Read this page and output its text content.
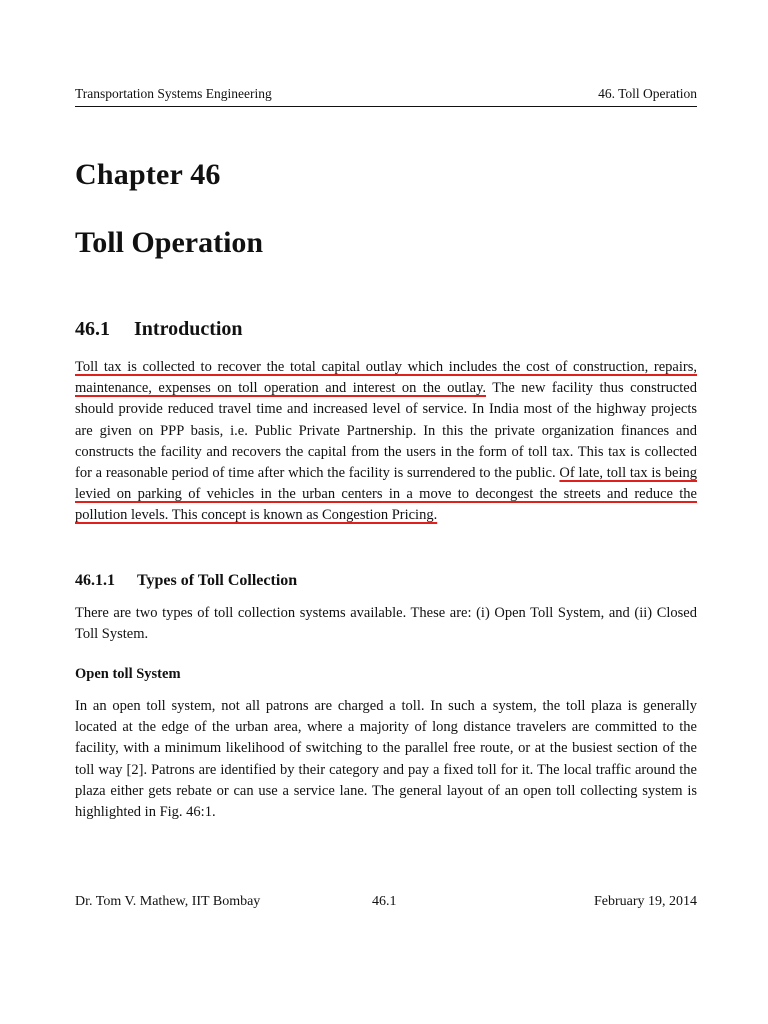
Transportation Systems Engineering	46. Toll Operation
Chapter 46
Toll Operation
46.1 Introduction
Toll tax is collected to recover the total capital outlay which includes the cost of construction, repairs, maintenance, expenses on toll operation and interest on the outlay. The new facility thus constructed should provide reduced travel time and increased level of service. In India most of the highway projects are given on PPP basis, i.e. Public Private Partnership. In this the private organization finances and constructs the facility and recovers the capital from the users in the form of toll tax. This tax is collected for a reasonable period of time after which the facility is surrendered to the public. Of late, toll tax is being levied on parking of vehicles in the urban centers in a move to decongest the streets and reduce the pollution levels. This concept is known as Congestion Pricing.
46.1.1 Types of Toll Collection
There are two types of toll collection systems available. These are: (i) Open Toll System, and (ii) Closed Toll System.
Open toll System
In an open toll system, not all patrons are charged a toll. In such a system, the toll plaza is generally located at the edge of the urban area, where a majority of long distance travelers are committed to the facility, with a minimum likelihood of switching to the parallel free route, or at the busiest section of the toll way [2]. Patrons are identified by their category and pay a fixed toll for it. The local traffic around the plaza either gets rebate or can use a service lane. The general layout of an open toll collecting system is highlighted in Fig. 46:1.
Dr. Tom V. Mathew, IIT Bombay	46.1	February 19, 2014
